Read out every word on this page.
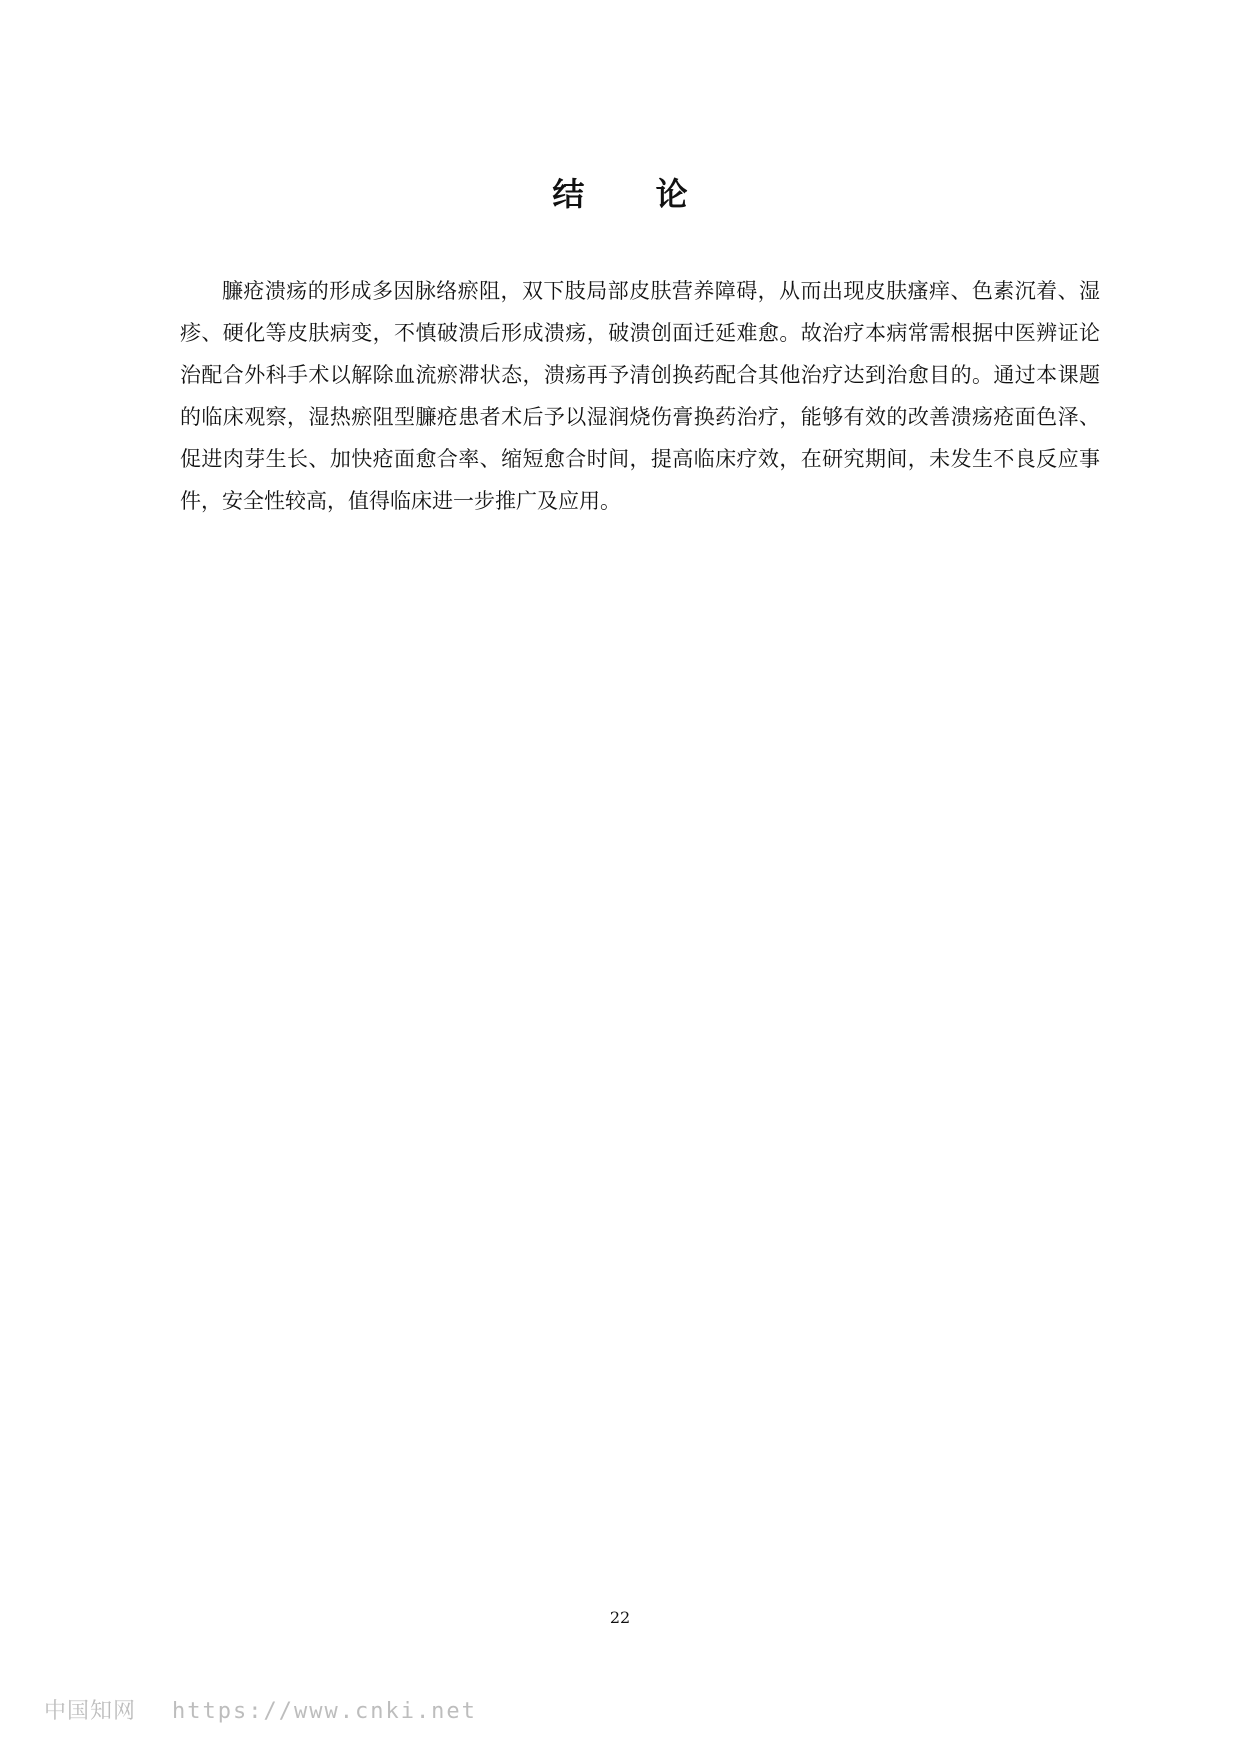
结 论

臁疮溃疡的形成多因脉络瘀阻，双下肢局部皮肤营养障碍，从而出现皮肤瘙痒、色素沉着、湿疹、硬化等皮肤病变，不慎破溃后形成溃疡，破溃创面迁延难愈。故治疗本病常需根据中医辨证论治配合外科手术以解除血流瘀滞状态，溃疡再予清创换药配合其他治疗达到治愈目的。通过本课题的临床观察，湿热瘀阻型臁疮患者术后予以湿润烧伤膏换药治疗，能够有效的改善溃疡疮面色泽、促进肉芽生长、加快疮面愈合率、缩短愈合时间，提高临床疗效，在研究期间，未发生不良反应事件，安全性较高，值得临床进一步推广及应用。

22
中国知网 https://www.cnki.net
